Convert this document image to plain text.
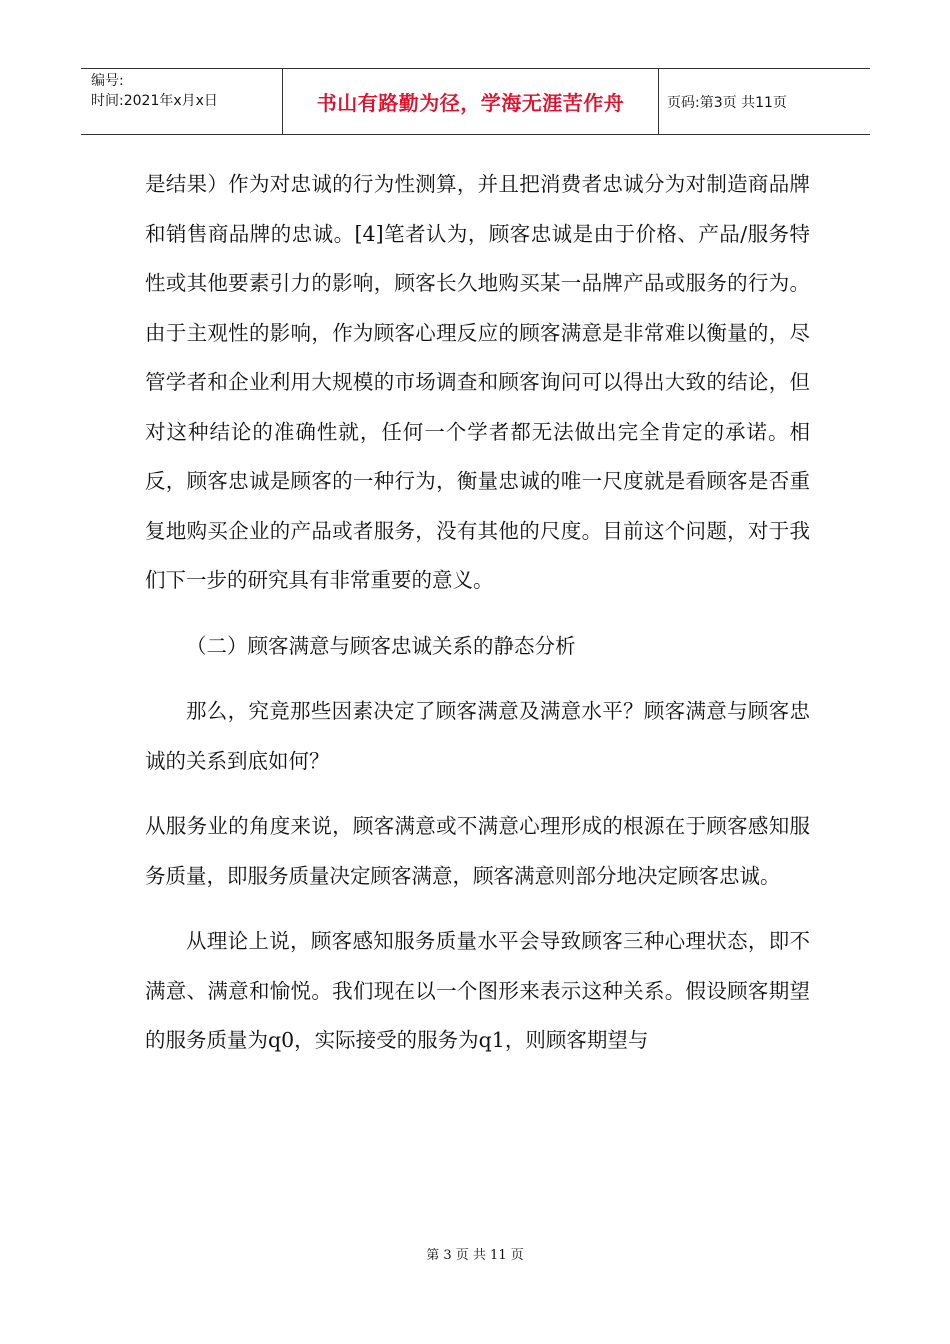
编号:
时间:2021年x月x日	书山有路勤为径，学海无涯苦作舟	页码:第3页 共11页

是结果）作为对忠诚的行为性测算，并且把消费者忠诚分为对制造商品牌和销售商品牌的忠诚。[4]笔者认为，顾客忠诚是由于价格、产品/服务特性或其他要素引力的影响，顾客长久地购买某一品牌产品或服务的行为。由于主观性的影响，作为顾客心理反应的顾客满意是非常难以衡量的，尽管学者和企业利用大规模的市场调查和顾客询问可以得出大致的结论，但对这种结论的准确性就，任何一个学者都无法做出完全肯定的承诺。相反，顾客忠诚是顾客的一种行为，衡量忠诚的唯一尺度就是看顾客是否重复地购买企业的产品或者服务，没有其他的尺度。目前这个问题，对于我们下一步的研究具有非常重要的意义。

（二）顾客满意与顾客忠诚关系的静态分析

那么，究竟那些因素决定了顾客满意及满意水平？顾客满意与顾客忠诚的关系到底如何？

从服务业的角度来说，顾客满意或不满意心理形成的根源在于顾客感知服务质量，即服务质量决定顾客满意，顾客满意则部分地决定顾客忠诚。

从理论上说，顾客感知服务质量水平会导致顾客三种心理状态，即不满意、满意和愉悦。我们现在以一个图形来表示这种关系。假设顾客期望的服务质量为q0，实际接受的服务为q1，则顾客期望与

第 3 页 共 11 页
